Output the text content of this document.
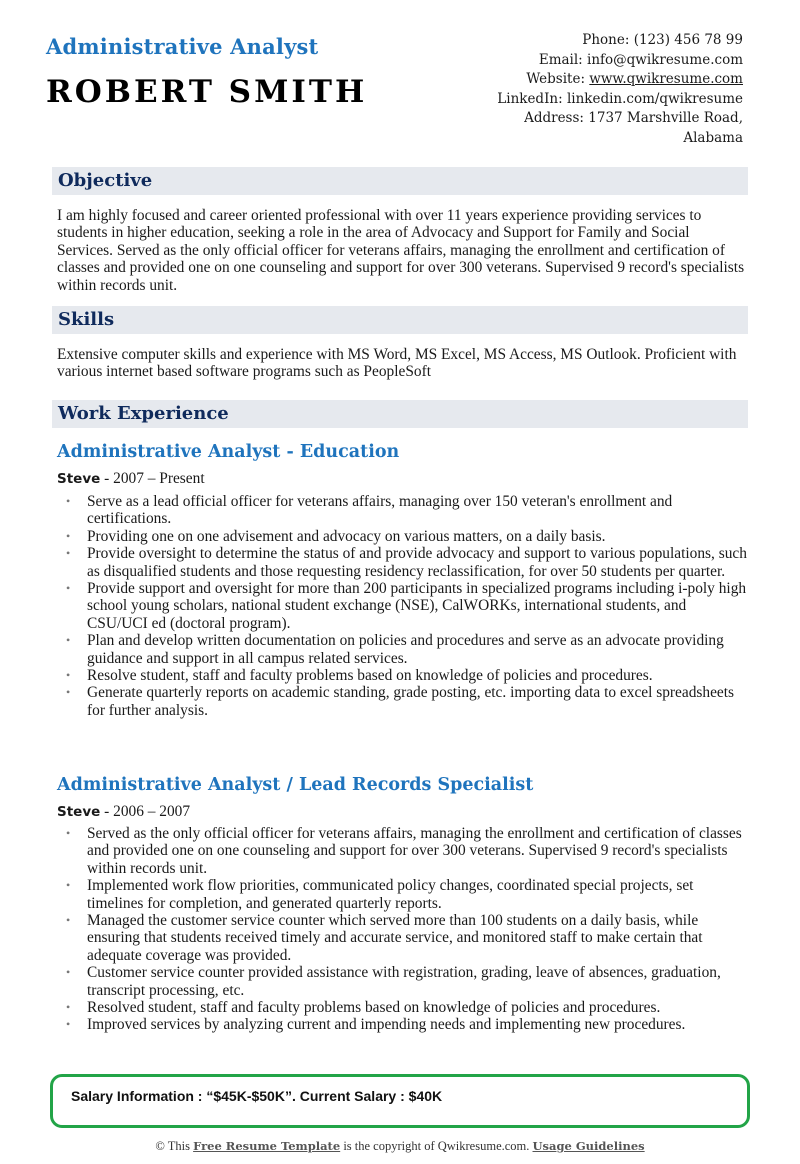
Administrative Analyst
ROBERT SMITH
Phone: (123) 456 78 99
Email: info@qwikresume.com
Website: www.qwikresume.com
LinkedIn: linkedin.com/qwikresume
Address: 1737 Marshville Road,
Alabama
Objective
I am highly focused and career oriented professional with over 11 years experience providing services to students in higher education, seeking a role in the area of Advocacy and Support for Family and Social Services. Served as the only official officer for veterans affairs, managing the enrollment and certification of classes and provided one on one counseling and support for over 300 veterans. Supervised 9 record's specialists within records unit.
Skills
Extensive computer skills and experience with MS Word, MS Excel, MS Access, MS Outlook. Proficient with various internet based software programs such as PeopleSoft
Work Experience
Administrative Analyst - Education
Steve - 2007 – Present
• Serve as a lead official officer for veterans affairs, managing over 150 veteran's enrollment and certifications.
• Providing one on one advisement and advocacy on various matters, on a daily basis.
• Provide oversight to determine the status of and provide advocacy and support to various populations, such as disqualified students and those requesting residency reclassification, for over 50 students per quarter.
• Provide support and oversight for more than 200 participants in specialized programs including i-poly high school young scholars, national student exchange (NSE), CalWORKs, international students, and CSU/UCI ed (doctoral program).
• Plan and develop written documentation on policies and procedures and serve as an advocate providing guidance and support in all campus related services.
• Resolve student, staff and faculty problems based on knowledge of policies and procedures.
• Generate quarterly reports on academic standing, grade posting, etc. importing data to excel spreadsheets for further analysis.
Administrative Analyst / Lead Records Specialist
Steve - 2006 – 2007
• Served as the only official officer for veterans affairs, managing the enrollment and certification of classes and provided one on one counseling and support for over 300 veterans. Supervised 9 record's specialists within records unit.
• Implemented work flow priorities, communicated policy changes, coordinated special projects, set timelines for completion, and generated quarterly reports.
• Managed the customer service counter which served more than 100 students on a daily basis, while ensuring that students received timely and accurate service, and monitored staff to make certain that adequate coverage was provided.
• Customer service counter provided assistance with registration, grading, leave of absences, graduation, transcript processing, etc.
• Resolved student, staff and faculty problems based on knowledge of policies and procedures.
• Improved services by analyzing current and impending needs and implementing new procedures.
Salary Information : “$45K-$50K”. Current Salary : $40K
© This Free Resume Template is the copyright of Qwikresume.com. Usage Guidelines
